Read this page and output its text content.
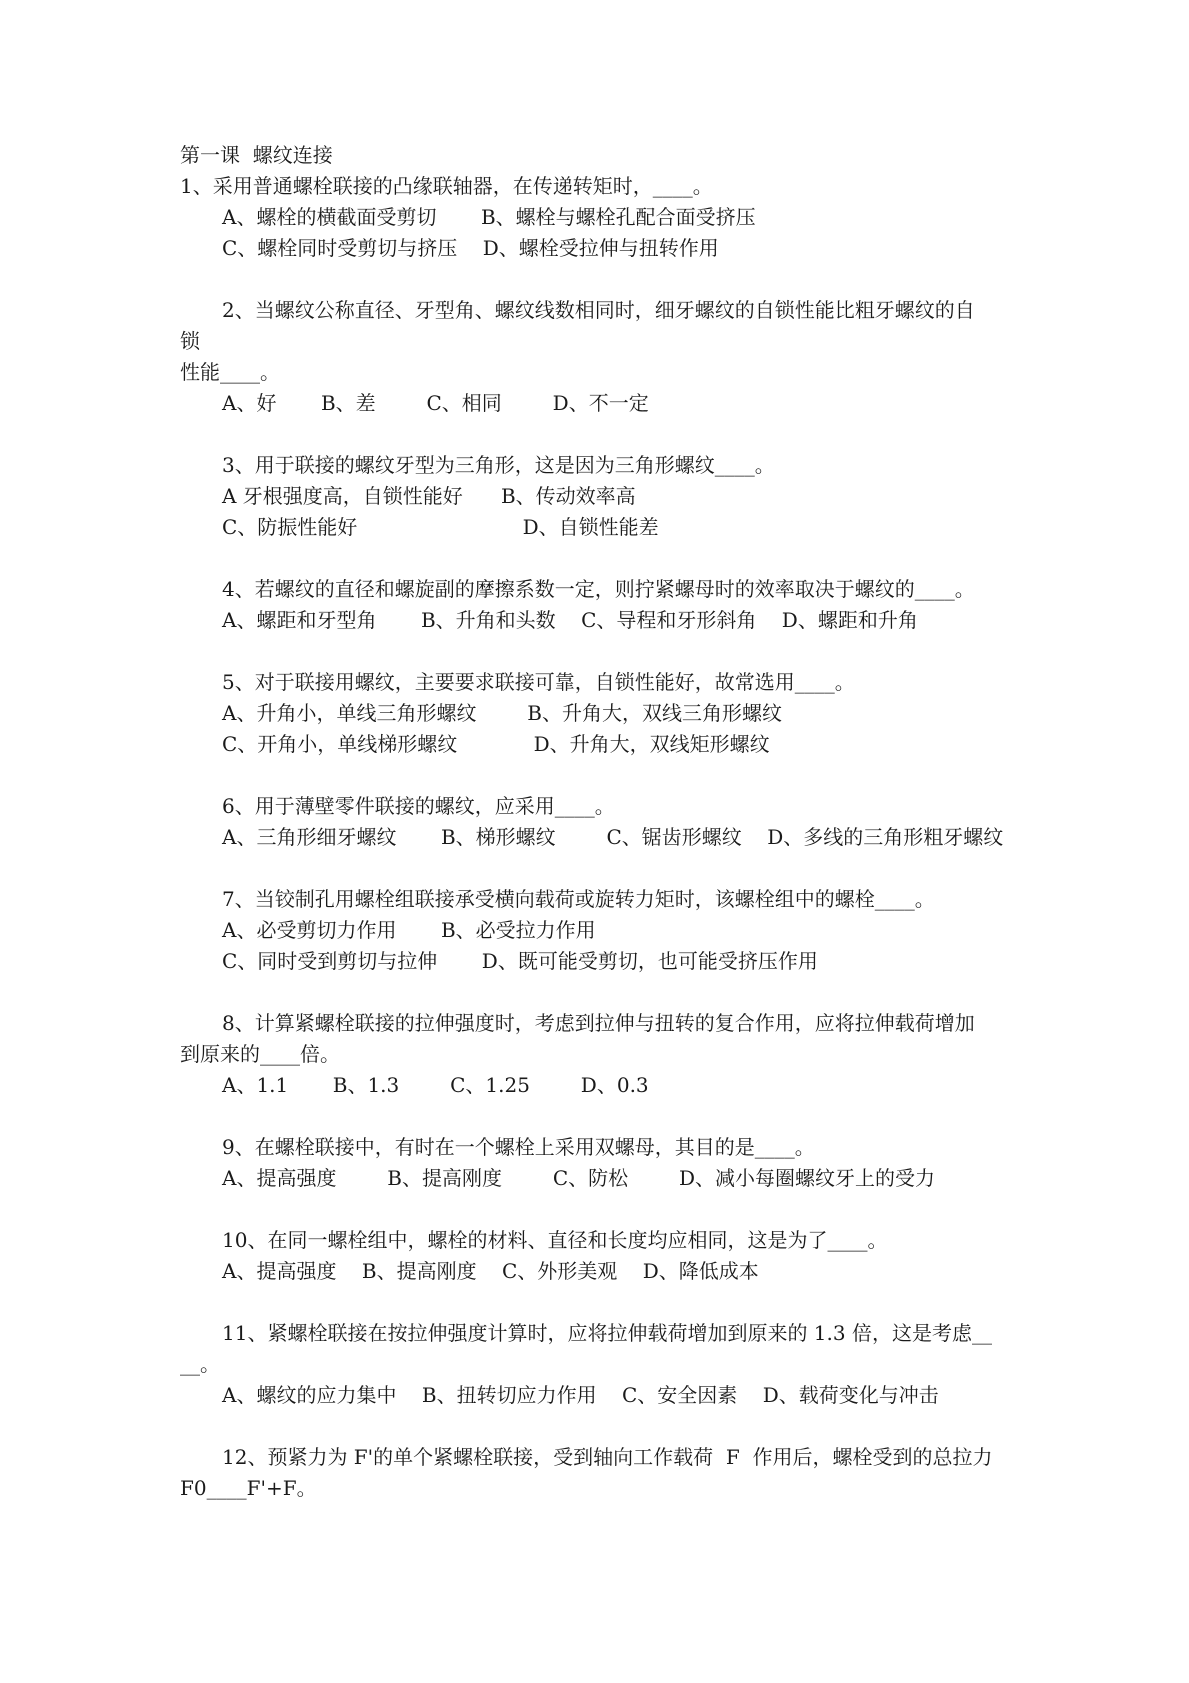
第一课  螺纹连接
1、采用普通螺栓联接的凸缘联轴器，在传递转矩时，____。
A、螺栓的横截面受剪切       B、螺栓与螺栓孔配合面受挤压
C、螺栓同时受剪切与挤压    D、螺栓受拉伸与扭转作用
2、当螺纹公称直径、牙型角、螺纹线数相同时，细牙螺纹的自锁性能比粗牙螺纹的自
锁
性能____。
A、好       B、差        C、相同        D、不一定
3、用于联接的螺纹牙型为三角形，这是因为三角形螺纹____。
A 牙根强度高，自锁性能好      B、传动效率高
C、防振性能好                          D、自锁性能差
4、若螺纹的直径和螺旋副的摩擦系数一定，则拧紧螺母时的效率取决于螺纹的____。
A、螺距和牙型角       B、升角和头数    C、导程和牙形斜角    D、螺距和升角
5、对于联接用螺纹，主要要求联接可靠，自锁性能好，故常选用____。
A、升角小，单线三角形螺纹        B、升角大，双线三角形螺纹
C、开角小，单线梯形螺纹            D、升角大，双线矩形螺纹
6、用于薄壁零件联接的螺纹，应采用____。
A、三角形细牙螺纹       B、梯形螺纹        C、锯齿形螺纹    D、多线的三角形粗牙螺纹
7、当铰制孔用螺栓组联接承受横向载荷或旋转力矩时，该螺栓组中的螺栓____。
A、必受剪切力作用       B、必受拉力作用
C、同时受到剪切与拉伸       D、既可能受剪切，也可能受挤压作用
8、计算紧螺栓联接的拉伸强度时，考虑到拉伸与扭转的复合作用，应将拉伸载荷增加
到原来的____倍。
A、1.1       B、1.3        C、1.25        D、0.3
9、在螺栓联接中，有时在一个螺栓上采用双螺母，其目的是____。
A、提高强度        B、提高刚度        C、防松        D、减小每圈螺纹牙上的受力
10、在同一螺栓组中，螺栓的材料、直径和长度均应相同，这是为了____。
A、提高强度    B、提高刚度    C、外形美观    D、降低成本
11、紧螺栓联接在按拉伸强度计算时，应将拉伸载荷增加到原来的 1.3 倍，这是考虑__
__。
A、螺纹的应力集中    B、扭转切应力作用    C、安全因素    D、载荷变化与冲击
12、预紧力为 F'的单个紧螺栓联接，受到轴向工作载荷  F  作用后，螺栓受到的总拉力
F0____F'+F。
